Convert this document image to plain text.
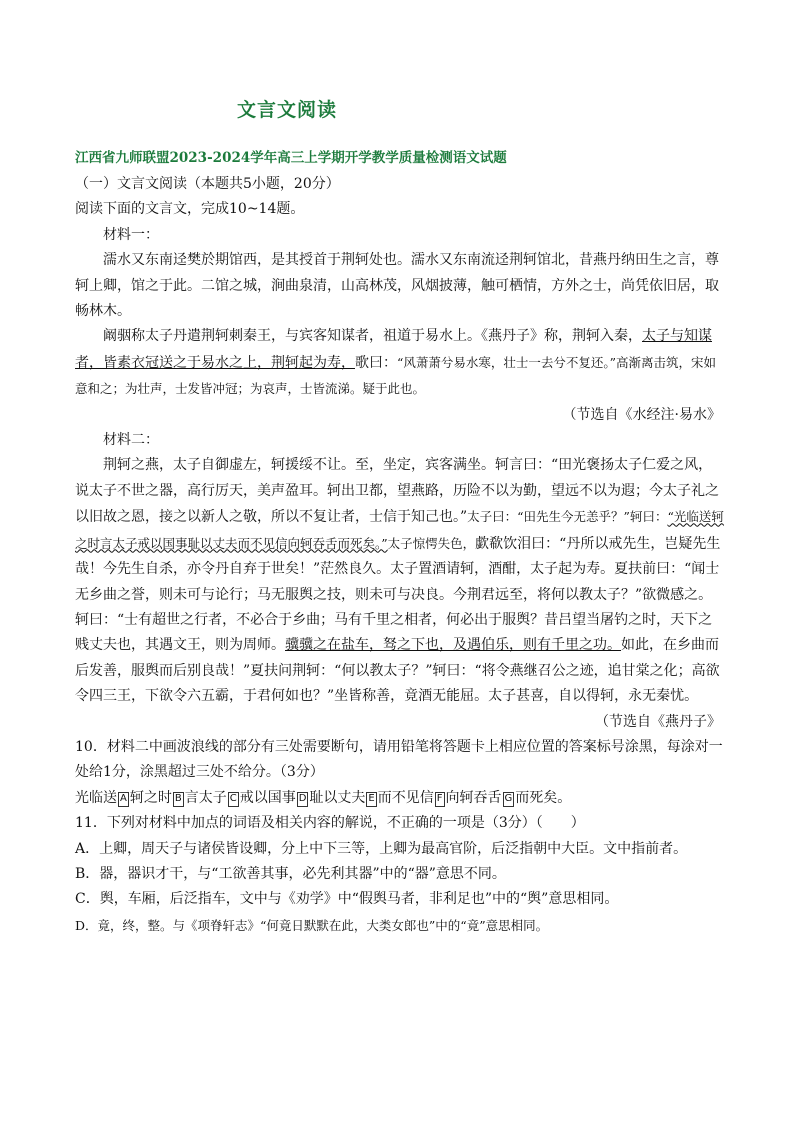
文言文阅读
江西省九师联盟2023-2024学年高三上学期开学教学质量检测语文试题

（一）文言文阅读（本题共5小题，20分）

阅读下面的文言文，完成10~14题。

材料一：

濡水又东南迳樊於期馆西，是其授首于荆轲处也。濡水又东南流迳荆轲馆北，昔燕丹纳田生之言，尊轲上卿，馆之于此。二馆之城，涧曲泉清，山高林茂，风烟披薄，触可栖情，方外之士，尚凭依旧居，取畅林木。

阚骃称太子丹遣荆轲刺秦王，与宾客知谋者，祖道于易水上。《燕丹子》称，荆轲入秦，太子与知谋者，皆素衣冠送之于易水之上，荆轲起为寿，歌曰：“风萧萧兮易水寒，壮士一去兮不复还。”高渐离击筑，宋如意和之；为壮声，士发皆冲冠；为哀声，士皆流涕。疑于此也。

（节选自《水经注·易水》

材料二：

荆轲之燕，太子自御虚左，轲援绥不让。至，坐定，宾客满坐。轲言曰：“田光褒扬太子仁爱之风，说太子不世之器，高行厉天，美声盈耳。轲出卫都，望燕路，历险不以为勤，望远不以为遐；今太子礼之以旧故之恩，接之以新人之敬，所以不复让者，士信于知己也。”太子曰：“田先生今无恙乎？”轲曰：“光临送轲之时言太子戒以国事耻以丈夫而不见信向轲吞舌而死矣。”太子惊愕失色，歔欷饮泪曰：“丹所以戒先生，岂疑先生哉！今先生自杀，亦令丹自弃于世矣！”茫然良久。太子置酒请轲，酒酣，太子起为寿。夏扶前曰：“闻士无乡曲之誉，则未可与论行；马无服舆之技，则未可与决良。今荆君远至，将何以教太子？”欲微感之。轲曰：“士有超世之行者，不必合于乡曲；马有千里之相者，何必出于服舆？昔吕望当屠钓之时，天下之贱丈夫也，其遇文王，则为周师。骥骥之在盐车，驽之下也，及遇伯乐，则有千里之功。如此，在乡曲而后发善，服舆而后别良哉！”夏扶问荆轲：“何以教太子？”轲曰：“将令燕继召公之迹，追甘棠之化；高欲令四三王，下欲令六五霸，于君何如也？”坐皆称善，竟酒无能屈。太子甚喜，自以得轲，永无秦忧。

（节选自《燕丹子》

10．材料二中画波浪线的部分有三处需要断句，请用铅笔将答题卡上相应位置的答案标号涂黑，每涂对一处给1分，涂黑超过三处不给分。（3分）

光临送 A 轲之时 B 言太子 C 戒以国事 D 耻以丈夫 E 而不见信 F 向轲吞舌 G 而死矣。

11．下列对材料中加点的词语及相关内容的解说，不正确的一项是（3分）（　　）

A．上卿，周天子与诸侯皆设卿，分上中下三等，上卿为最高官阶，后泛指朝中大臣。文中指前者。

B．器，器识才干，与“工欲善其事，必先利其器”中的“器”意思不同。

C．舆，车厢，后泛指车，文中与《劝学》中“假舆马者，非利足也”中的“舆”意思相同。

D．竟，终，整。与《项脊轩志》“何竟日默默在此，大类女郎也”中的“竟”意思相同。
